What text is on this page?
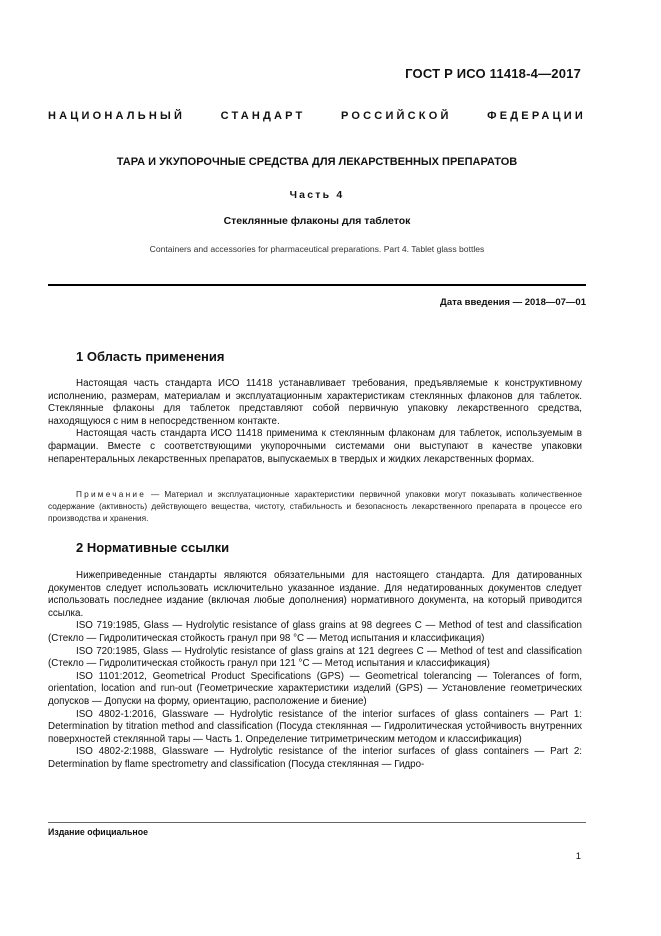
ГОСТ Р ИСО 11418-4—2017
НАЦИОНАЛЬНЫЙ	СТАНДАРТ	РОССИЙСКОЙ	ФЕДЕРАЦИИ
ТАРА И УКУПОРОЧНЫЕ СРЕДСТВА ДЛЯ ЛЕКАРСТВЕННЫХ ПРЕПАРАТОВ
Часть 4
Стеклянные флаконы для таблеток
Containers and accessories for pharmaceutical preparations. Part 4. Tablet glass bottles
Дата введения — 2018—07—01
1 Область применения

Настоящая часть стандарта ИСО 11418 устанавливает требования, предъявляемые к конструктивному исполнению, размерам, материалам и эксплуатационным характеристикам стеклянных флаконов для таблеток. Стеклянные флаконы для таблеток представляют собой первичную упаковку лекарственного средства, находящуюся с ним в непосредственном контакте.

Настоящая часть стандарта ИСО 11418 применима к стеклянным флаконам для таблеток, используемым в фармации. Вместе с соответствующими укупорочными системами они выступают в качестве упаковки непарентеральных лекарственных препаратов, выпускаемых в твердых и жидких лекарственных формах.

Примечание — Материал и эксплуатационные характеристики первичной упаковки могут показывать количественное содержание (активность) действующего вещества, чистоту, стабильность и безопасность лекарственного препарата в процессе его производства и хранения.

2 Нормативные ссылки

Нижеприведенные стандарты являются обязательными для настоящего стандарта. Для датированных документов следует использовать исключительно указанное издание. Для недатированных документов следует использовать последнее издание (включая любые дополнения) нормативного документа, на который приводится ссылка.

ISO 719:1985, Glass — Hydrolytic resistance of glass grains at 98 degrees C — Method of test and classification (Стекло — Гидролитическая стойкость гранул при 98 °C — Метод испытания и классификация)

ISO 720:1985, Glass — Hydrolytic resistance of glass grains at 121 degrees C — Method of test and classification (Стекло — Гидролитическая стойкость гранул при 121 °C — Метод испытания и классификация)

ISO 1101:2012, Geometrical Product Specifications (GPS) — Geometrical tolerancing — Tolerances of form, orientation, location and run-out (Геометрические характеристики изделий (GPS) — Установление геометрических допусков — Допуски на форму, ориентацию, расположение и биение)

ISO 4802-1:2016, Glassware — Hydrolytic resistance of the interior surfaces of glass containers — Part 1: Determination by titration method and classification (Посуда стеклянная — Гидролитическая устойчивость внутренних поверхностей стеклянной тары — Часть 1. Определение титриметрическим методом и классификация)

ISO 4802-2:1988, Glassware — Hydrolytic resistance of the interior surfaces of glass containers — Part 2: Determination by flame spectrometry and classification (Посуда стеклянная — Гидро-

Издание официальное
1
